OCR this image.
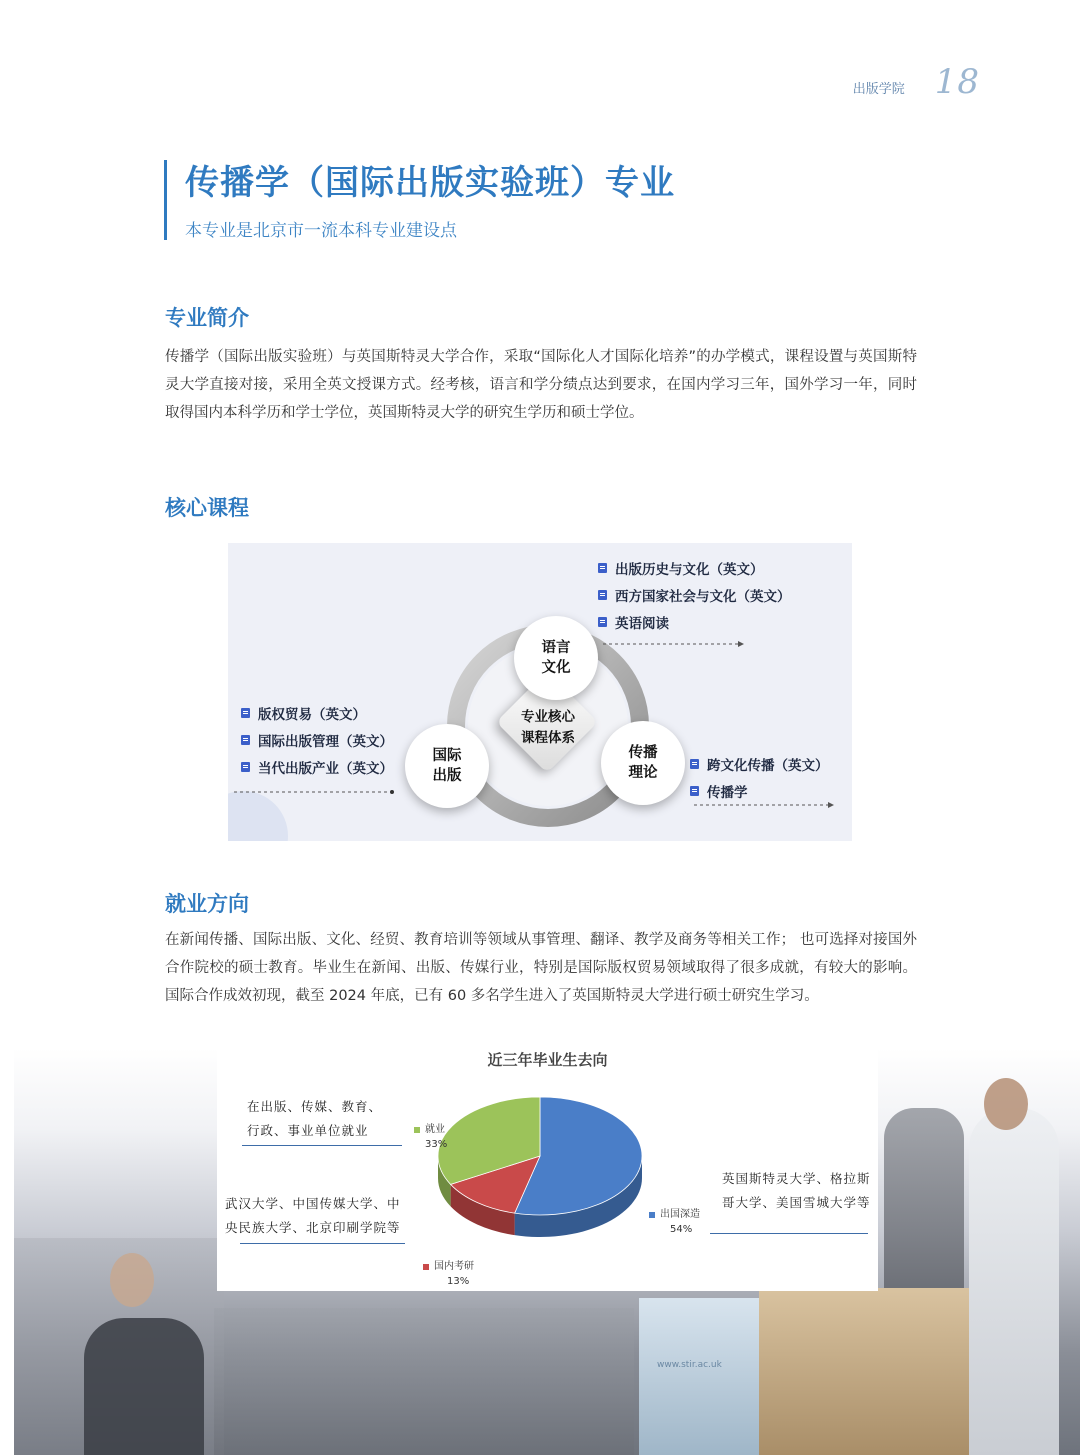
出版学院 18
传播学（国际出版实验班）专业
本专业是北京市一流本科专业建设点
专业简介
传播学（国际出版实验班）与英国斯特灵大学合作，采取“国际化人才国际化培养”的办学模式，课程设置与英国斯特灵大学直接对接，采用全英文授课方式。经考核，语言和学分绩点达到要求，在国内学习三年，国外学习一年，同时取得国内本科学历和学士学位，英国斯特灵大学的研究生学历和硕士学位。
核心课程
专业核心
课程体系
语言
文化
国际
出版
传播
理论
出版历史与文化（英文）
西方国家社会与文化（英文）
英语阅读
版权贸易（英文）
国际出版管理（英文）
当代出版产业（英文）	跨文化传播（英文）
传播学
就业方向
在新闻传播、国际出版、文化、经贸、教育培训等领域从事管理、翻译、教学及商务等相关工作； 也可选择对接国外合作院校的硕士教育。毕业生在新闻、出版、传媒行业，特别是国际版权贸易领域取得了很多成就，有较大的影响。国际合作成效初现，截至 2024 年底，已有 60 多名学生进入了英国斯特灵大学进行硕士研究生学习。
www.stir.ac.uk
近三年毕业生去向
在出版、传媒、教育、
行政、事业单位就业
武汉大学、中国传媒大学、中
央民族大学、北京印刷学院等
英国斯特灵大学、格拉斯
哥大学、美国雪城大学等
就业
33%
出国深造
54%
国内考研
13%
